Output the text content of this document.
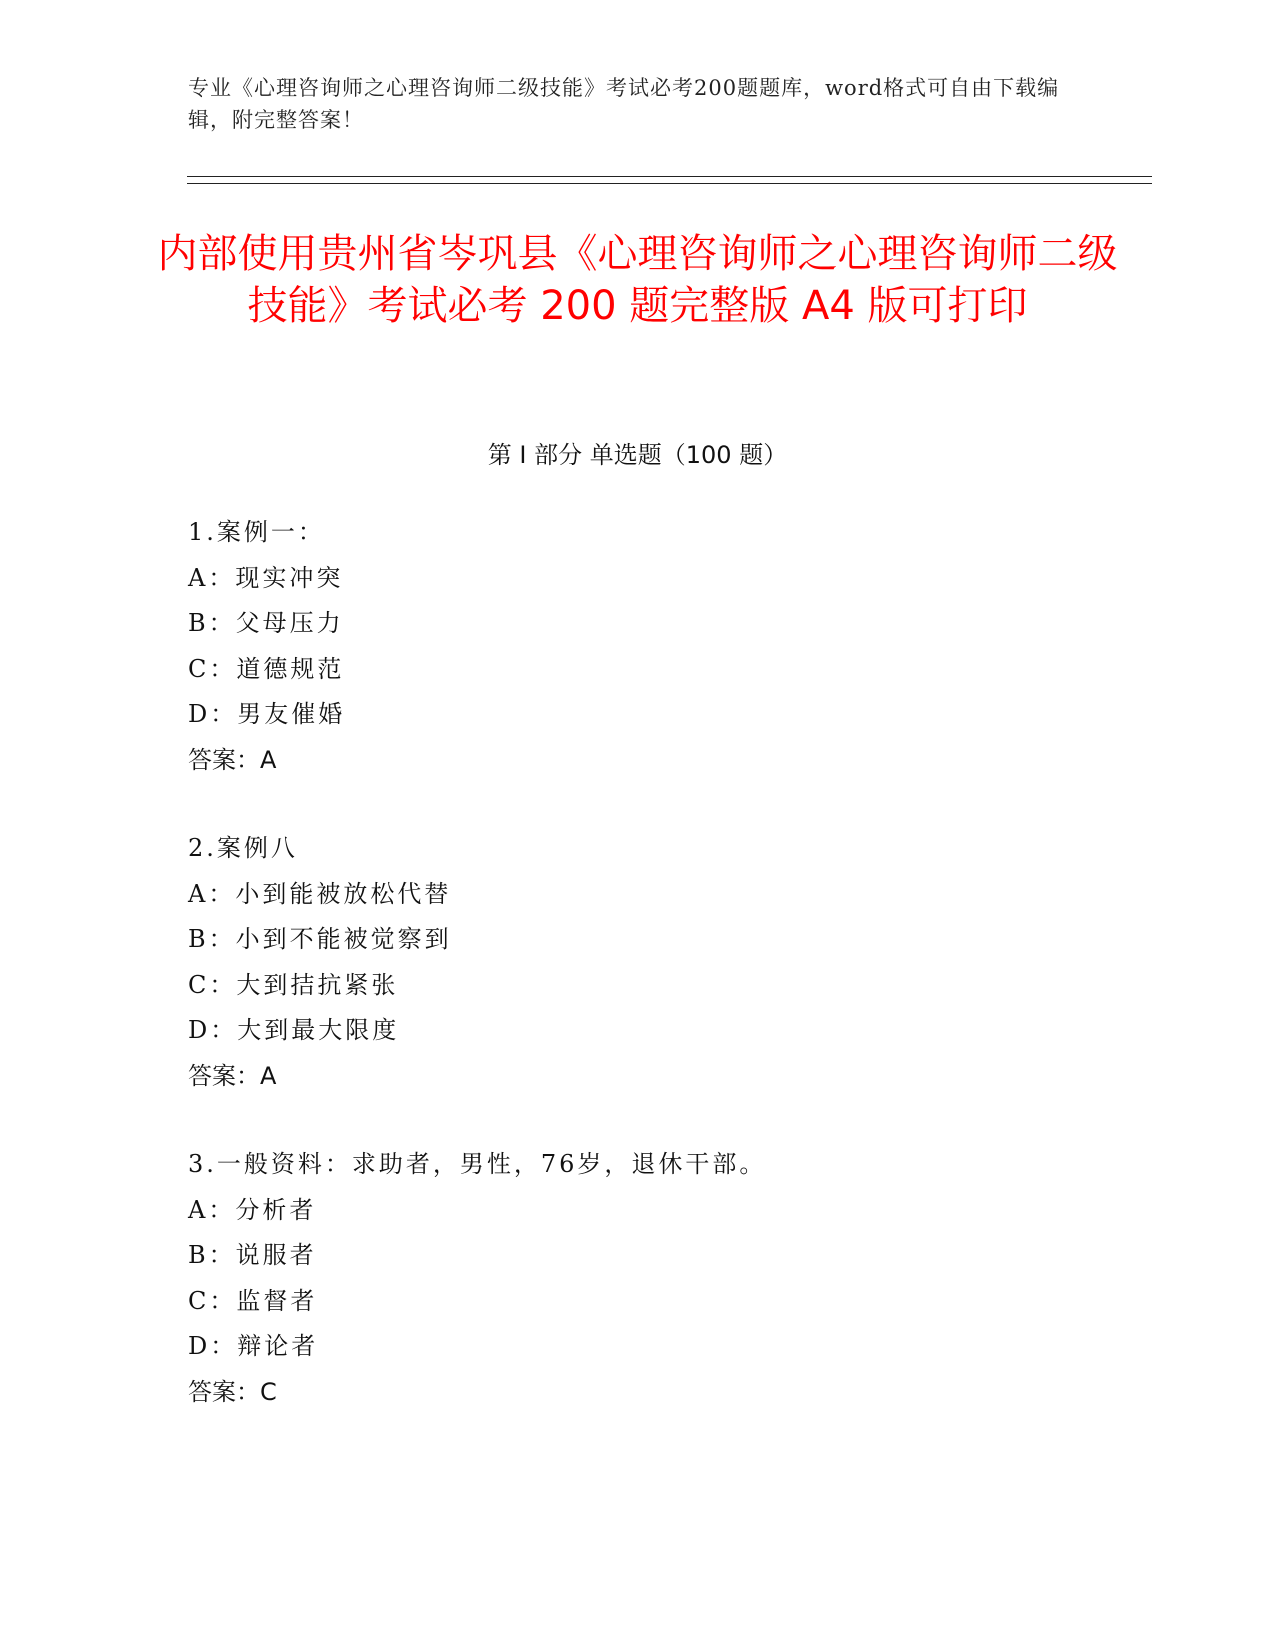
专业《心理咨询师之心理咨询师二级技能》考试必考200题题库，word格式可自由下载编辑，附完整答案！
内部使用贵州省岑巩县《心理咨询师之心理咨询师二级技能》考试必考 200 题完整版 A4 版可打印
第 I 部分 单选题（100 题）
1.案例一：
A：现实冲突
B：父母压力
C：道德规范
D：男友催婚
答案：A
2.案例八
A：小到能被放松代替
B：小到不能被觉察到
C：大到拮抗紧张
D：大到最大限度
答案：A
3.一般资料：求助者，男性，76岁，退休干部。
A：分析者
B：说服者
C：监督者
D：辩论者
答案：C
